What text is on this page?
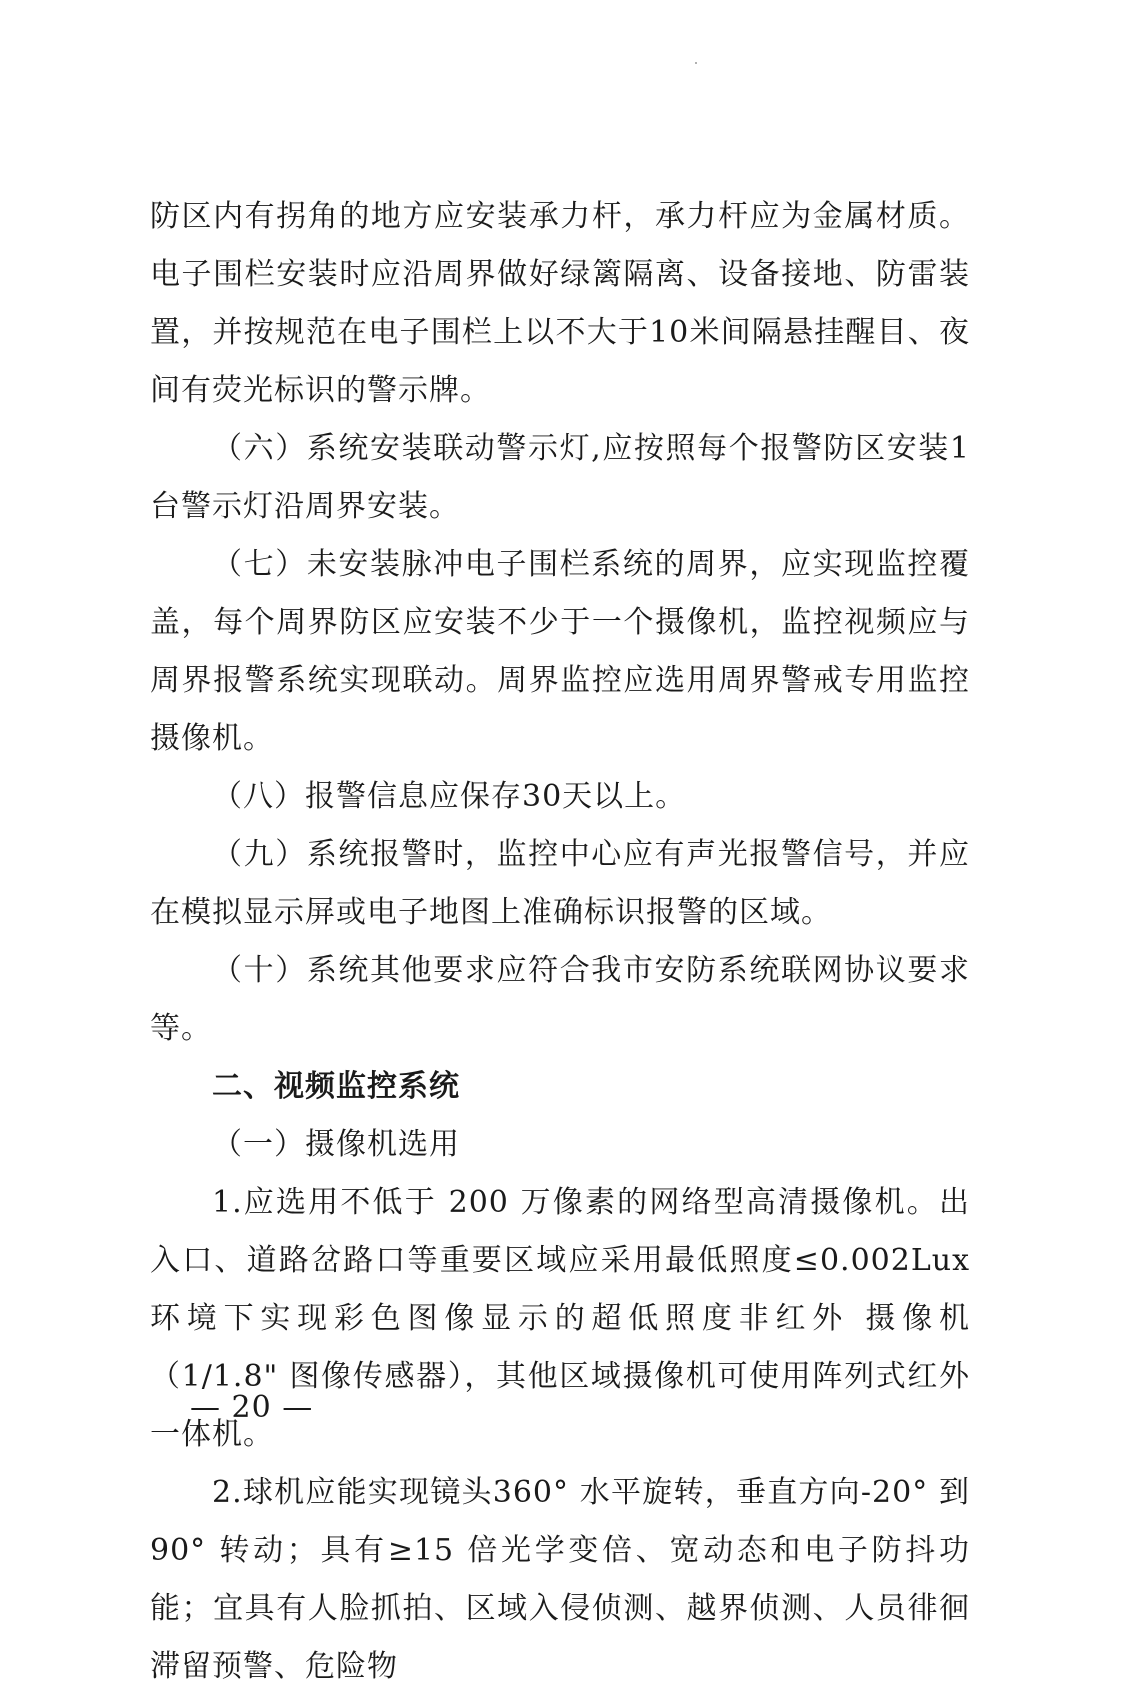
防区内有拐角的地方应安装承力杆，承力杆应为金属材质。电子围栏安装时应沿周界做好绿篱隔离、设备接地、防雷装置，并按规范在电子围栏上以不大于10米间隔悬挂醒目、夜间有荧光标识的警示牌。

（六）系统安装联动警示灯,应按照每个报警防区安装1台警示灯沿周界安装。

（七）未安装脉冲电子围栏系统的周界，应实现监控覆盖，每个周界防区应安装不少于一个摄像机，监控视频应与周界报警系统实现联动。周界监控应选用周界警戒专用监控摄像机。

（八）报警信息应保存30天以上。

（九）系统报警时，监控中心应有声光报警信号，并应在模拟显示屏或电子地图上准确标识报警的区域。

（十）系统其他要求应符合我市安防系统联网协议要求等。

二、视频监控系统

（一）摄像机选用

1.应选用不低于 200 万像素的网络型高清摄像机。出入口、道路岔路口等重要区域应采用最低照度≤0.002Lux 环境下实现彩色图像显示的超低照度非红外 摄像机（1/1.8" 图像传感器），其他区域摄像机可使用阵列式红外一体机。

2.球机应能实现镜头360° 水平旋转，垂直方向-20° 到90° 转动；具有≥15 倍光学变倍、宽动态和电子防抖功能；宜具有人脸抓拍、区域入侵侦测、越界侦测、人员徘徊滞留预警、危险物

— 20 —
